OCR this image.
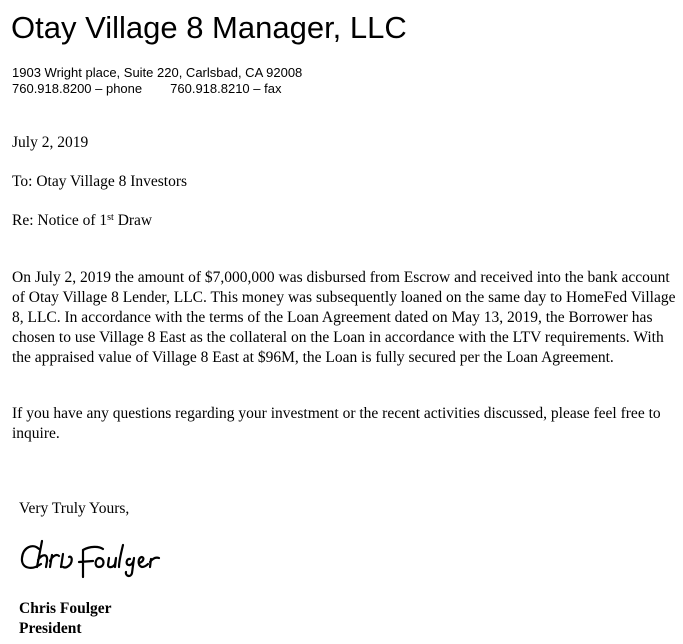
Otay Village 8 Manager, LLC
1903 Wright place, Suite 220, Carlsbad, CA 92008
760.918.8200 – phone 760.918.8210 – fax
July 2, 2019
To: Otay Village 8 Investors
Re: Notice of 1st Draw

On July 2, 2019 the amount of $7,000,000 was disbursed from Escrow and received into the bank account of Otay Village 8 Lender, LLC. This money was subsequently loaned on the same day to HomeFed Village 8, LLC. In accordance with the terms of the Loan Agreement dated on May 13, 2019, the Borrower has chosen to use Village 8 East as the collateral on the Loan in accordance with the LTV requirements. With the appraised value of Village 8 East at $96M, the Loan is fully secured per the Loan Agreement.

If you have any questions regarding your investment or the recent activities discussed, please feel free to inquire.

Very Truly Yours,
Chris Foulger
President
